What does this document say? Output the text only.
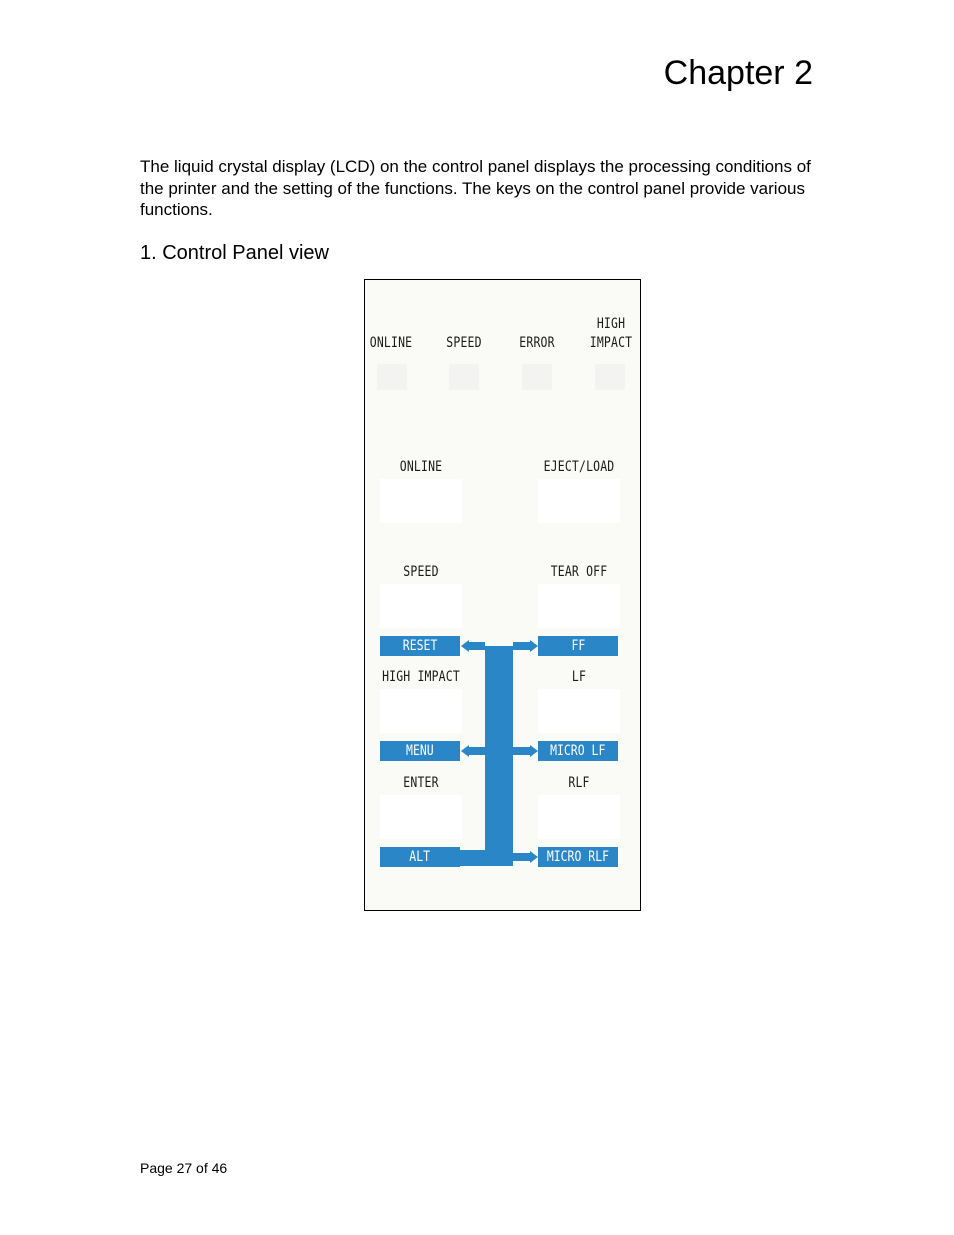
Chapter 2

The liquid crystal display (LCD) on the control panel displays the processing conditions of the printer and the setting of the functions. The keys on the control panel provide various functions.

1. Control Panel view
ONLINE SPEED	ERROR
HIGH
IMPACT
ONLINE	EJECT/LOAD
SPEED	TEAR OFF
RESET	FF
HIGH IMPACT	LF
MENU	MICRO LF
ENTER	RLF
ALT	MICRO RLF

Page 27 of 46
